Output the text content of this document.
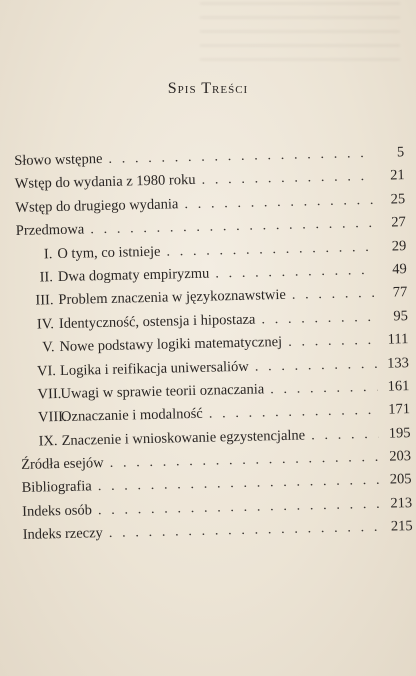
Spis Treści
Słowo wstępne . . .	5
Wstęp do wydania z 1980 roku . . .	21
Wstęp do drugiego wydania . . .	25
Przedmowa . . .	27
I. O tym, co istnieje . . .	29
II. Dwa dogmaty empiryzmu . . .	49
III. Problem znaczenia w językoznawstwie . . .	77
IV. Identyczność, ostensja i hipostaza . . .	95
V. Nowe podstawy logiki matematycznej . . .	111
VI. Logika i reifikacja uniwersaliów . . .	133
VII.Uwagi w sprawie teorii oznaczania . . .	161
VIII.Oznaczanie i modalność . . .	171
IX. Znaczenie i wnioskowanie egzystencjalne . . .	195
Źródła esejów . . .	203
Bibliografia . . .	205
Indeks osób . . .	213
Indeks rzeczy . . .	215
